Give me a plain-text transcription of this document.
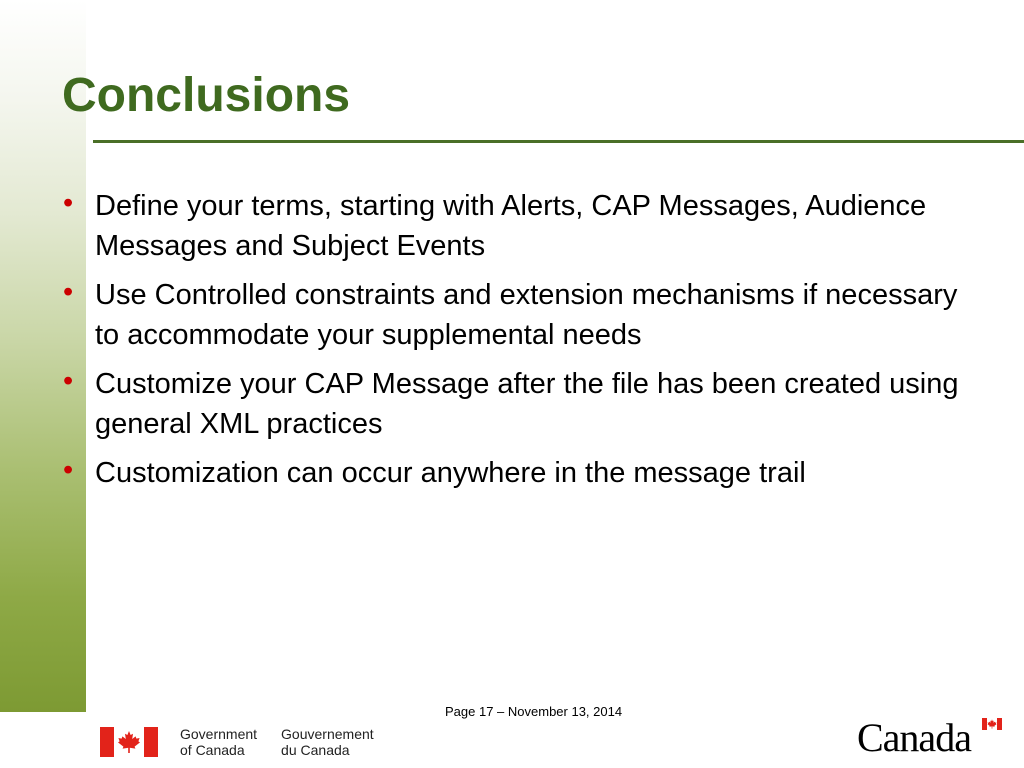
Conclusions
• Define your terms, starting with Alerts, CAP Messages, Audience Messages and Subject Events
• Use Controlled constraints and extension mechanisms if necessary to accommodate your supplemental needs
• Customize your CAP Message after the file has been created using general XML practices
• Customization can occur anywhere in the message trail
Page 17 – November 13, 2014
Government
of Canada
Gouvernement
du Canada	Canada
